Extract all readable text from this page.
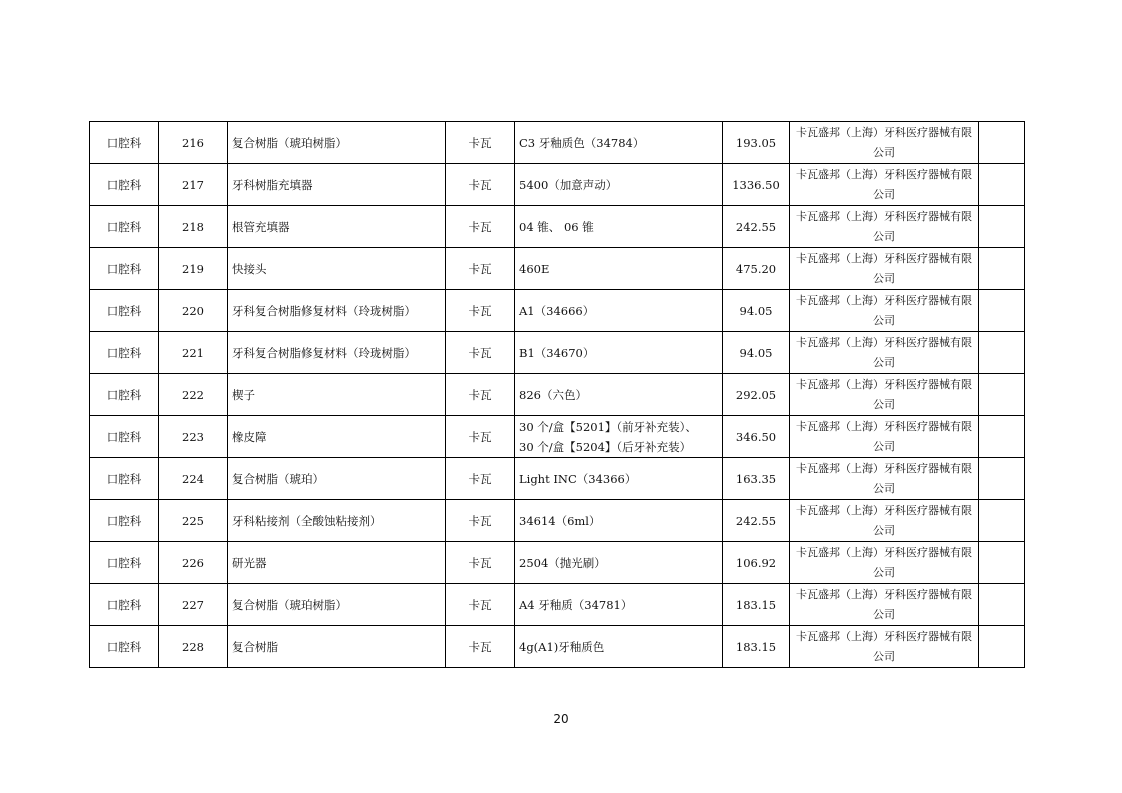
口腔科	216	复合树脂（琥珀树脂）	卡瓦	C3 牙釉质色（34784）	193.05	卡瓦盛邦（上海）牙科医疗器械有限公司	
口腔科	217	牙科树脂充填器	卡瓦	5400（加意声动）	1336.50	卡瓦盛邦（上海）牙科医疗器械有限公司	
口腔科	218	根管充填器	卡瓦	04 锥、 06 锥	242.55	卡瓦盛邦（上海）牙科医疗器械有限公司	
口腔科	219	快接头	卡瓦	460E	475.20	卡瓦盛邦（上海）牙科医疗器械有限公司	
口腔科	220	牙科复合树脂修复材料（玲珑树脂）	卡瓦	A1（34666）	94.05	卡瓦盛邦（上海）牙科医疗器械有限公司	
口腔科	221	牙科复合树脂修复材料（玲珑树脂）	卡瓦	B1（34670）	94.05	卡瓦盛邦（上海）牙科医疗器械有限公司	
口腔科	222	楔子	卡瓦	826（六色）	292.05	卡瓦盛邦（上海）牙科医疗器械有限公司	
口腔科	223	橡皮障	卡瓦	30 个/盒【5201】（前牙补充装）、
30 个/盒【5204】（后牙补充装）	346.50	卡瓦盛邦（上海）牙科医疗器械有限公司	
口腔科	224	复合树脂（琥珀）	卡瓦	Light INC（34366）	163.35	卡瓦盛邦（上海）牙科医疗器械有限公司	
口腔科	225	牙科粘接剂（全酸蚀粘接剂）	卡瓦	34614（6ml）	242.55	卡瓦盛邦（上海）牙科医疗器械有限公司	
口腔科	226	研光器	卡瓦	2504（抛光刷）	106.92	卡瓦盛邦（上海）牙科医疗器械有限公司	
口腔科	227	复合树脂（琥珀树脂）	卡瓦	A4 牙釉质（34781）	183.15	卡瓦盛邦（上海）牙科医疗器械有限公司	
口腔科	228	复合树脂	卡瓦	4g(A1)牙釉质色	183.15	卡瓦盛邦（上海）牙科医疗器械有限公司	
20
